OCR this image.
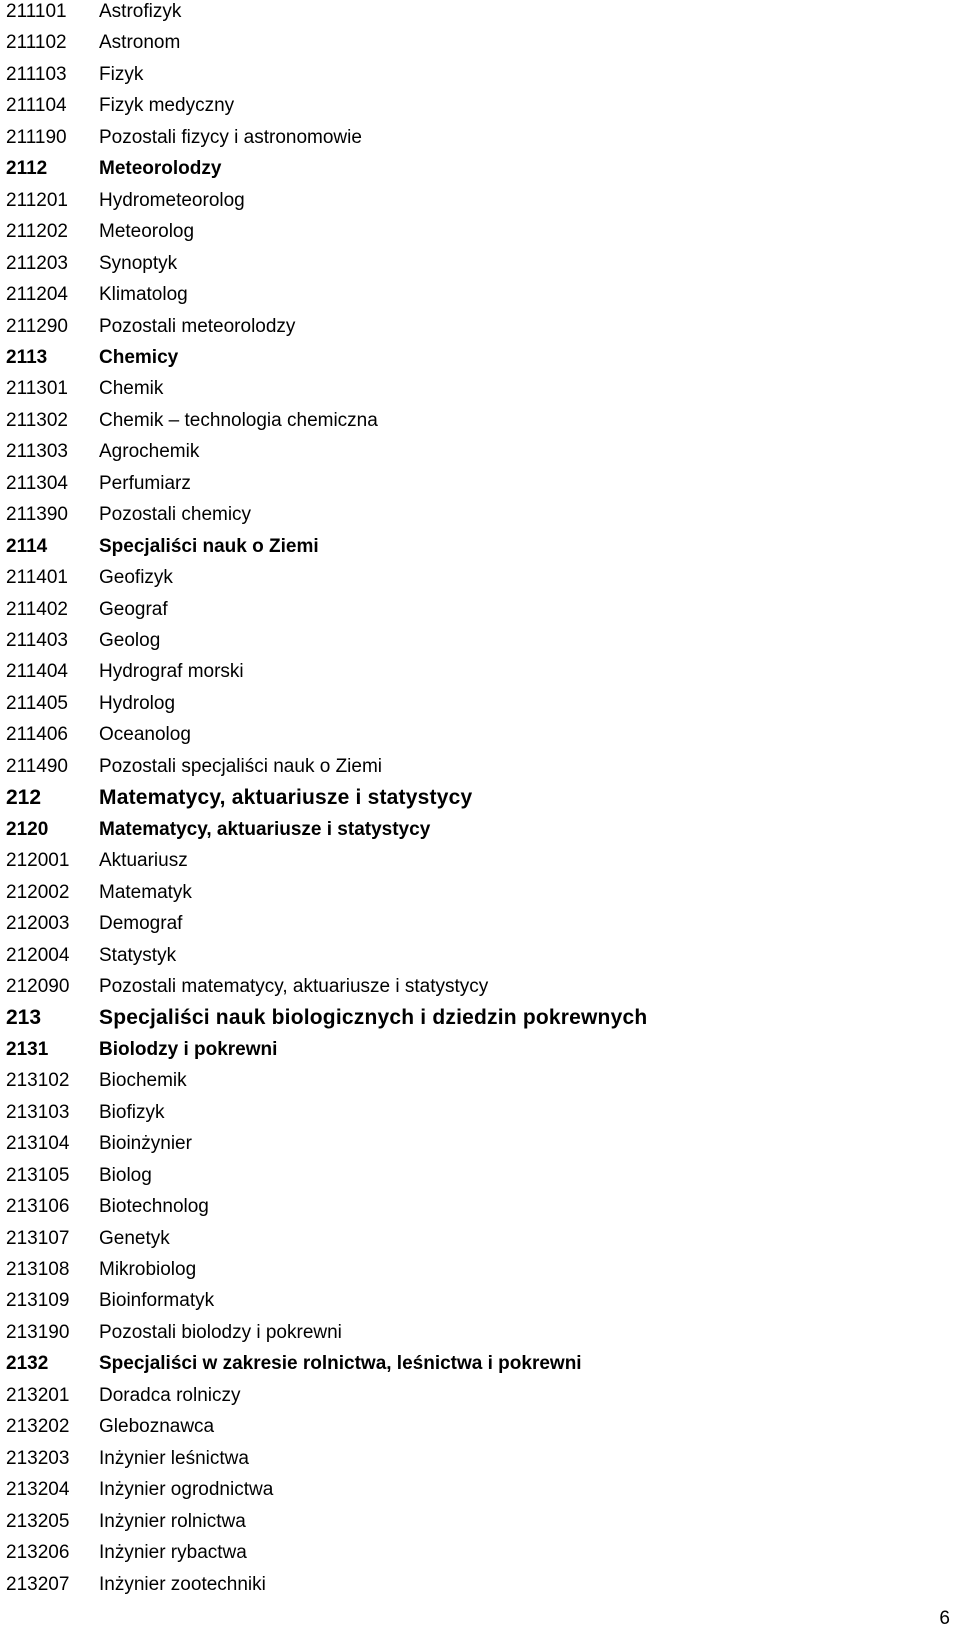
211101	Astrofizyk
211102	Astronom
211103	Fizyk
211104	Fizyk medyczny
211190	Pozostali fizycy i astronomowie
2112	Meteorolodzy
211201	Hydrometeorolog
211202	Meteorolog
211203	Synoptyk
211204	Klimatolog
211290	Pozostali meteorolodzy
2113	Chemicy
211301	Chemik
211302	Chemik – technologia chemiczna
211303	Agrochemik
211304	Perfumiarz
211390	Pozostali chemicy
2114	Specjaliści nauk o Ziemi
211401	Geofizyk
211402	Geograf
211403	Geolog
211404	Hydrograf morski
211405	Hydrolog
211406	Oceanolog
211490	Pozostali specjaliści nauk o Ziemi
212	Matematycy, aktuariusze i statystycy
2120	Matematycy, aktuariusze i statystycy
212001	Aktuariusz
212002	Matematyk
212003	Demograf
212004	Statystyk
212090	Pozostali matematycy, aktuariusze i statystycy
213	Specjaliści nauk biologicznych i dziedzin pokrewnych
2131	Biolodzy i pokrewni
213102	Biochemik
213103	Biofizyk
213104	Bioinżynier
213105	Biolog
213106	Biotechnolog
213107	Genetyk
213108	Mikrobiolog
213109	Bioinformatyk
213190	Pozostali biolodzy i pokrewni
2132	Specjaliści w zakresie rolnictwa, leśnictwa i pokrewni
213201	Doradca rolniczy
213202	Gleboznawca
213203	Inżynier leśnictwa
213204	Inżynier ogrodnictwa
213205	Inżynier rolnictwa
213206	Inżynier rybactwa
213207	Inżynier zootechniki
6
